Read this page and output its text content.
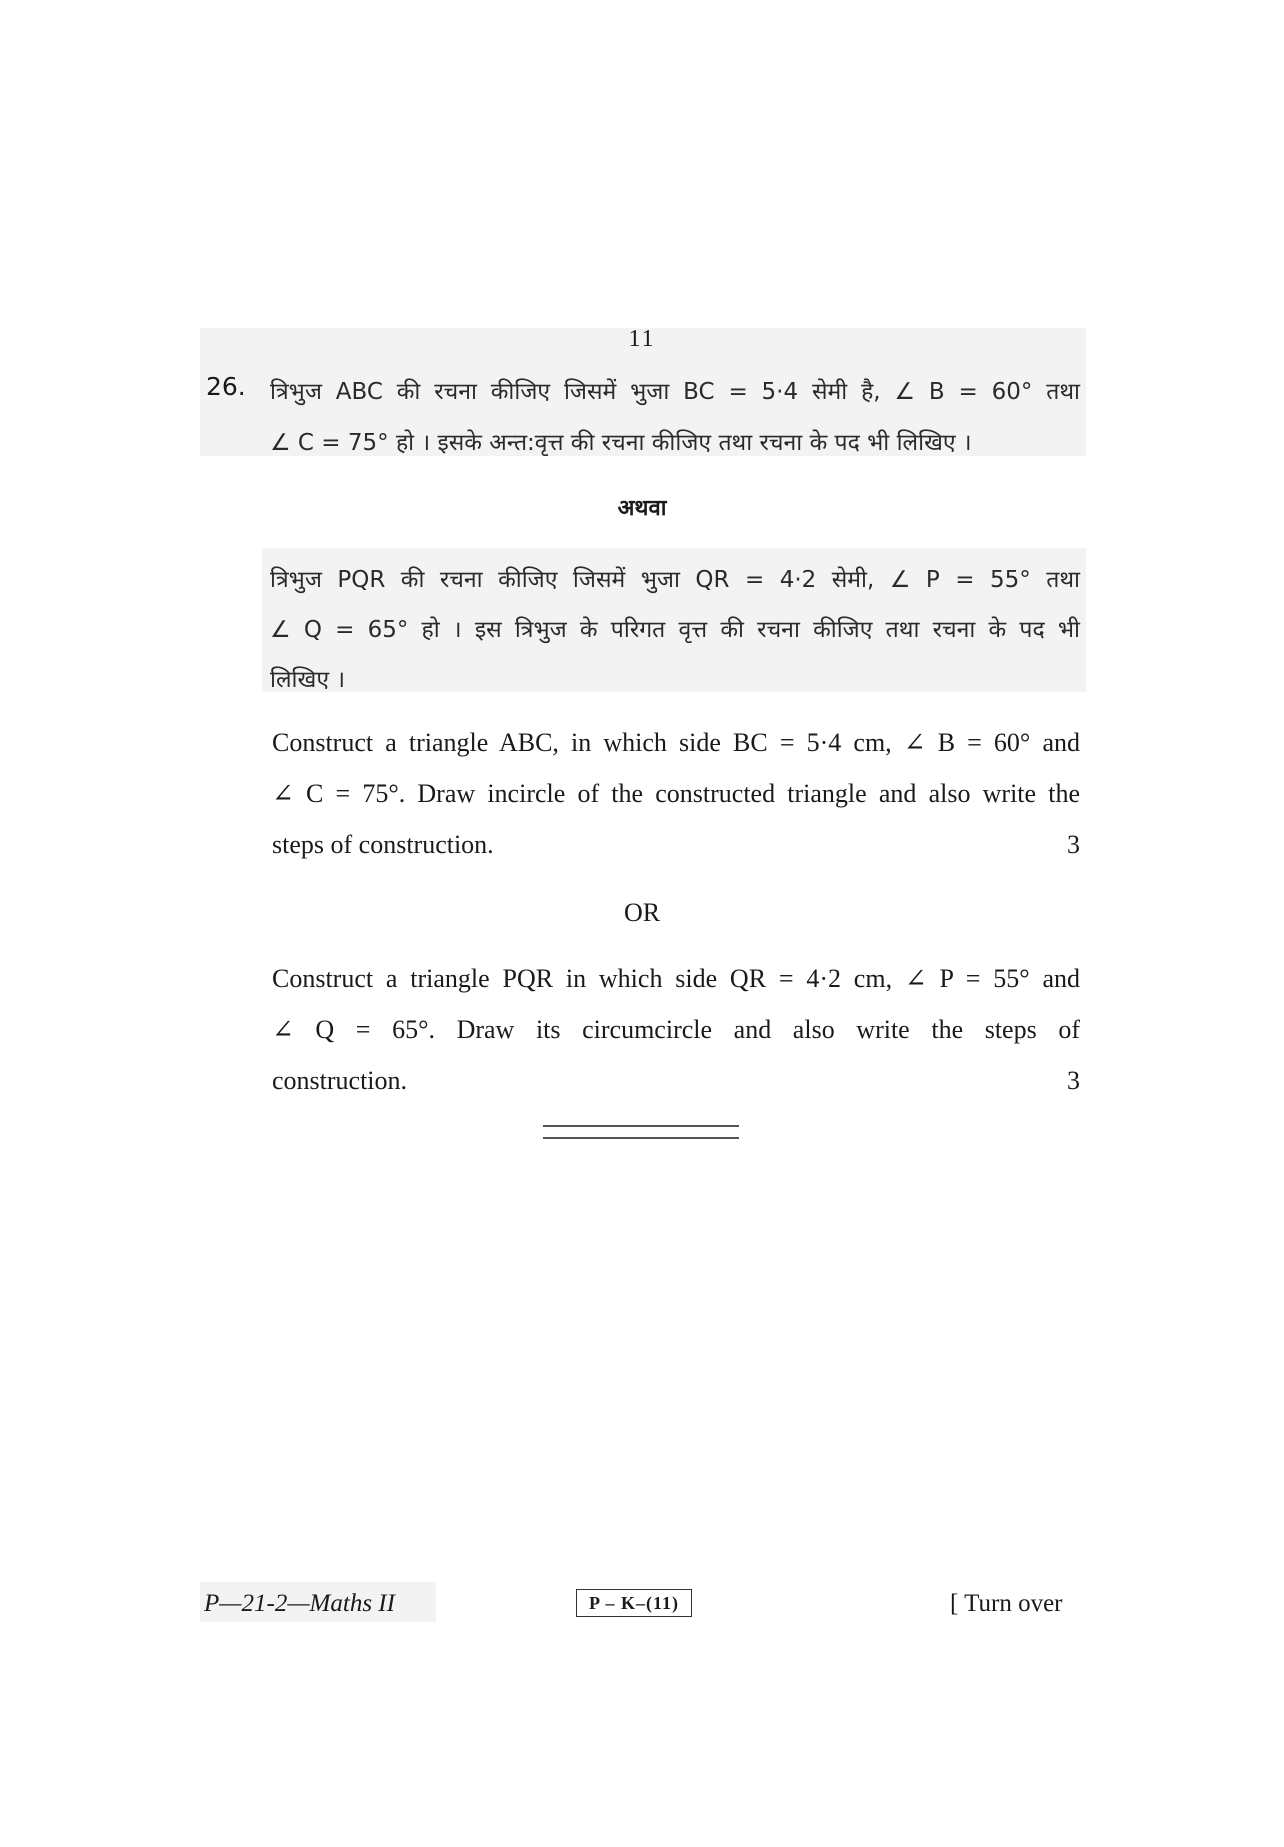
11
26. त्रिभुज ABC की रचना कीजिए जिसमें भुजा BC = 5·4 सेमी है, ∠ B = 60° तथा
∠ C = 75° हो । इसके अन्त:वृत्त की रचना कीजिए तथा रचना के पद भी लिखिए ।
अथवा
त्रिभुज PQR की रचना कीजिए जिसमें भुजा QR = 4·2 सेमी, ∠ P = 55° तथा
∠ Q = 65° हो । इस त्रिभुज के परिगत वृत्त की रचना कीजिए तथा रचना के पद भी
लिखिए ।
Construct a triangle ABC, in which side BC = 5·4 cm, ∠ B = 60° and
∠ C = 75°. Draw incircle of the constructed triangle and also write the
steps of construction.	3
OR
Construct a triangle PQR in which side QR = 4·2 cm, ∠ P = 55° and
∠ Q = 65°. Draw its circumcircle and also write the steps of
construction.	3
P—21-2—Maths II	P – K–(11)	[ Turn over
